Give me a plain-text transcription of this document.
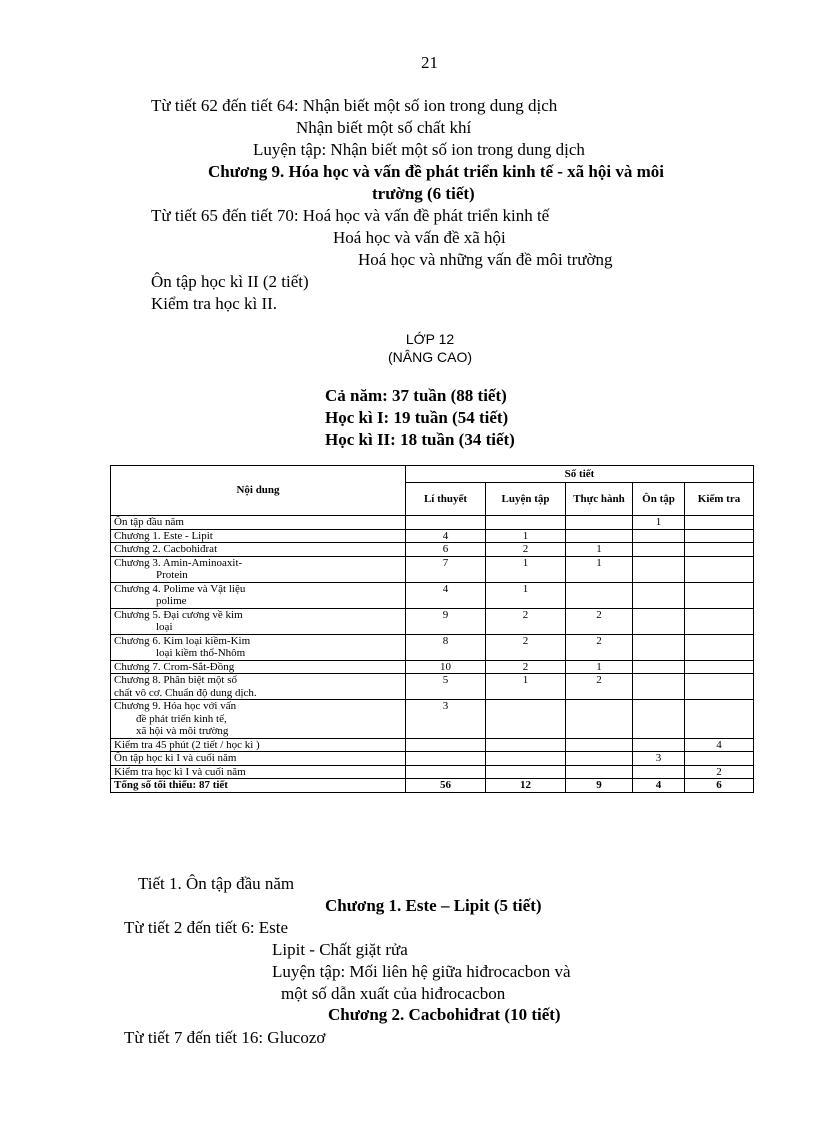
21
Từ tiết 62 đến tiết 64: Nhận biết một số ion trong dung dịch
Nhận biết một số chất khí
Luyện tập: Nhận biết một số ion trong dung dịch
Chương 9. Hóa học và vấn đề phát triển kinh tế - xã hội và môi
trường (6 tiết)
Từ tiết 65 đến tiết 70: Hoá học và vấn đề phát triển kinh tế
Hoá học và vấn đề xã hội
Hoá học và những vấn đề môi trường
Ôn tập học kì II (2 tiết)
Kiểm tra học kì II.
LỚP 12
(NÂNG CAO)
Cả năm: 37 tuần (88 tiết)
Học kì I: 19 tuần (54 tiết)
Học kì II: 18 tuần (34 tiết)
Nội dung	Số tiết				
	Lí thuyết	Luyện tập	Thực hành	Ôn tập	Kiểm tra
Ôn tập đầu năm				1	
Chương 1. Este - Lipit	4	1			
Chương 2. Cacbohiđrat	6	2	1		
Chương 3. Amin-Aminoaxit-
Protein	7	1	1		
Chương 4. Polime và Vật liệu
polime	4	1			
Chương 5. Đại cương về kim
loại	9	2	2		
Chương 6. Kim loại kiềm-Kim
loại kiềm thổ-Nhôm	8	2	2		
Chương 7. Crom-Sắt-Đồng	10	2	1		
Chương 8. Phân biệt một số
chất vô cơ. Chuẩn độ dung dịch.	5	1	2		
Chương 9. Hóa học với vấn
đề phát triển kinh tế,
xã hội và môi trường	3				
Kiểm tra 45 phút (2 tiết / học kì )					4
Ôn tập học kì I và cuối năm				3	
Kiểm tra học kì I và cuối năm					2
Tổng số tối thiểu: 87 tiết	56	12	9	4	6
Tiết 1. Ôn tập đầu năm
Chương 1. Este – Lipit (5 tiết)
Từ tiết 2 đến tiết 6: Este
Lipit - Chất giặt rửa
Luyện tập: Mối liên hệ giữa hiđrocacbon và
một số dẫn xuất của hiđrocacbon
Chương 2. Cacbohiđrat (10 tiết)
Từ tiết 7 đến tiết 16: Glucozơ
